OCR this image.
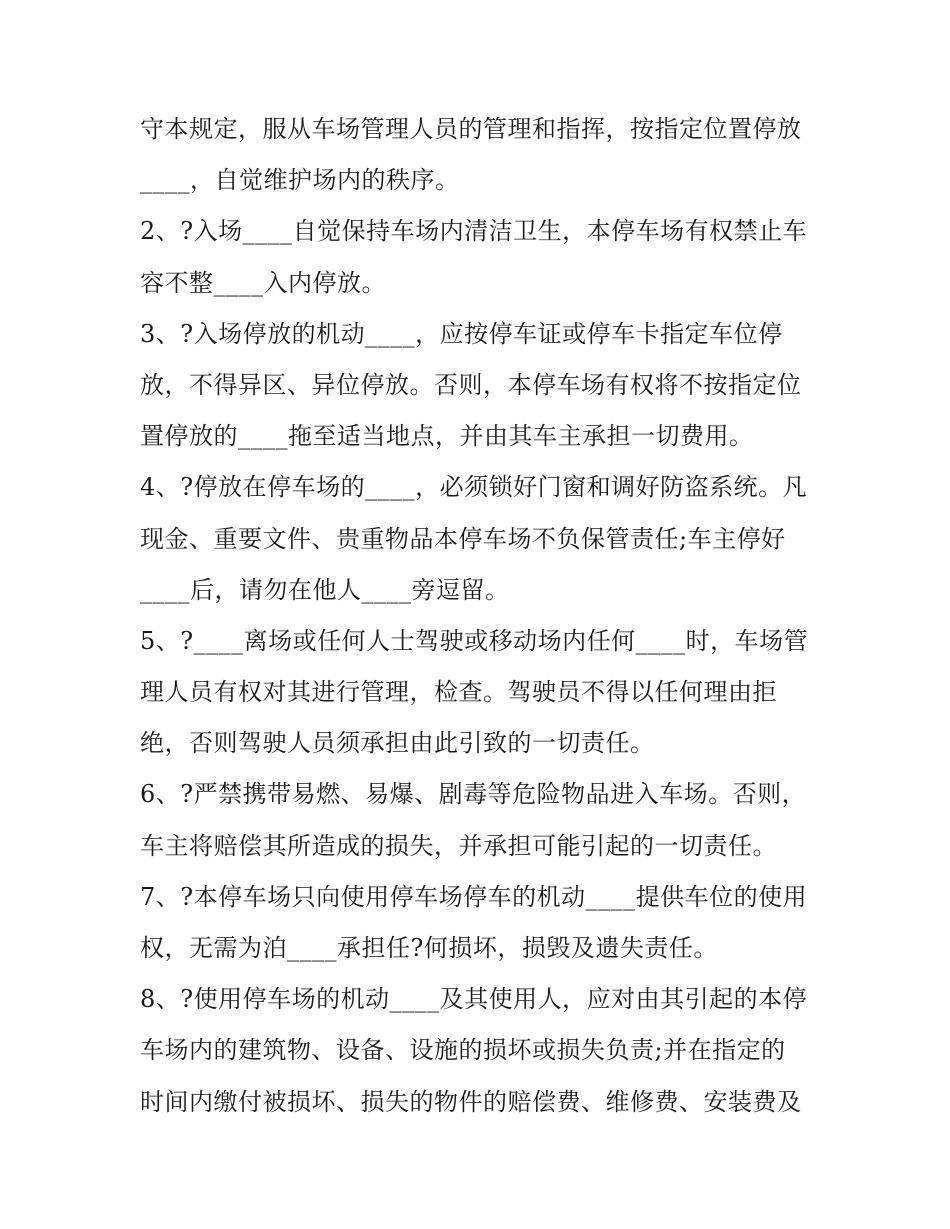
守本规定，服从车场管理人员的管理和指挥，按指定位置停放
____，自觉维护场内的秩序。
2、?入场____自觉保持车场内清洁卫生，本停车场有权禁止车
容不整____入内停放。
3、?入场停放的机动____，应按停车证或停车卡指定车位停
放，不得异区、异位停放。否则，本停车场有权将不按指定位
置停放的____拖至适当地点，并由其车主承担一切费用。
4、?停放在停车场的____，必须锁好门窗和调好防盗系统。凡
现金、重要文件、贵重物品本停车场不负保管责任;车主停好
____后，请勿在他人____旁逗留。
5、?____离场或任何人士驾驶或移动场内任何____时，车场管
理人员有权对其进行管理，检查。驾驶员不得以任何理由拒
绝，否则驾驶人员须承担由此引致的一切责任。
6、?严禁携带易燃、易爆、剧毒等危险物品进入车场。否则，
车主将赔偿其所造成的损失，并承担可能引起的一切责任。
7、?本停车场只向使用停车场停车的机动____提供车位的使用
权，无需为泊____承担任?何损坏，损毁及遗失责任。
8、?使用停车场的机动____及其使用人，应对由其引起的本停
车场内的建筑物、设备、设施的损坏或损失负责;并在指定的
时间内缴付被损坏、损失的物件的赔偿费、维修费、安装费及
